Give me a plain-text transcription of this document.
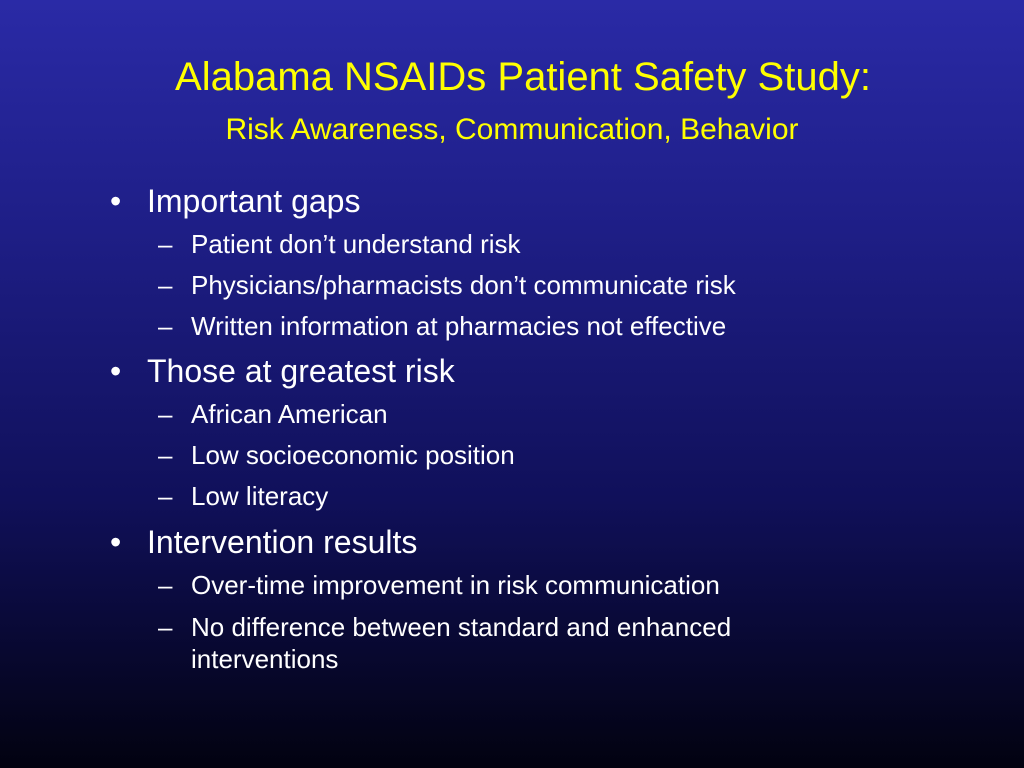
Alabama NSAIDs Patient Safety Study:
Risk Awareness, Communication, Behavior
• Important gaps
– Patient don’t understand risk
– Physicians/pharmacists don’t communicate risk
– Written information at pharmacies not effective
• Those at greatest risk
– African American
– Low socioeconomic position
– Low literacy
• Intervention results
– Over-time improvement in risk communication
– No difference between standard and enhanced
interventions
